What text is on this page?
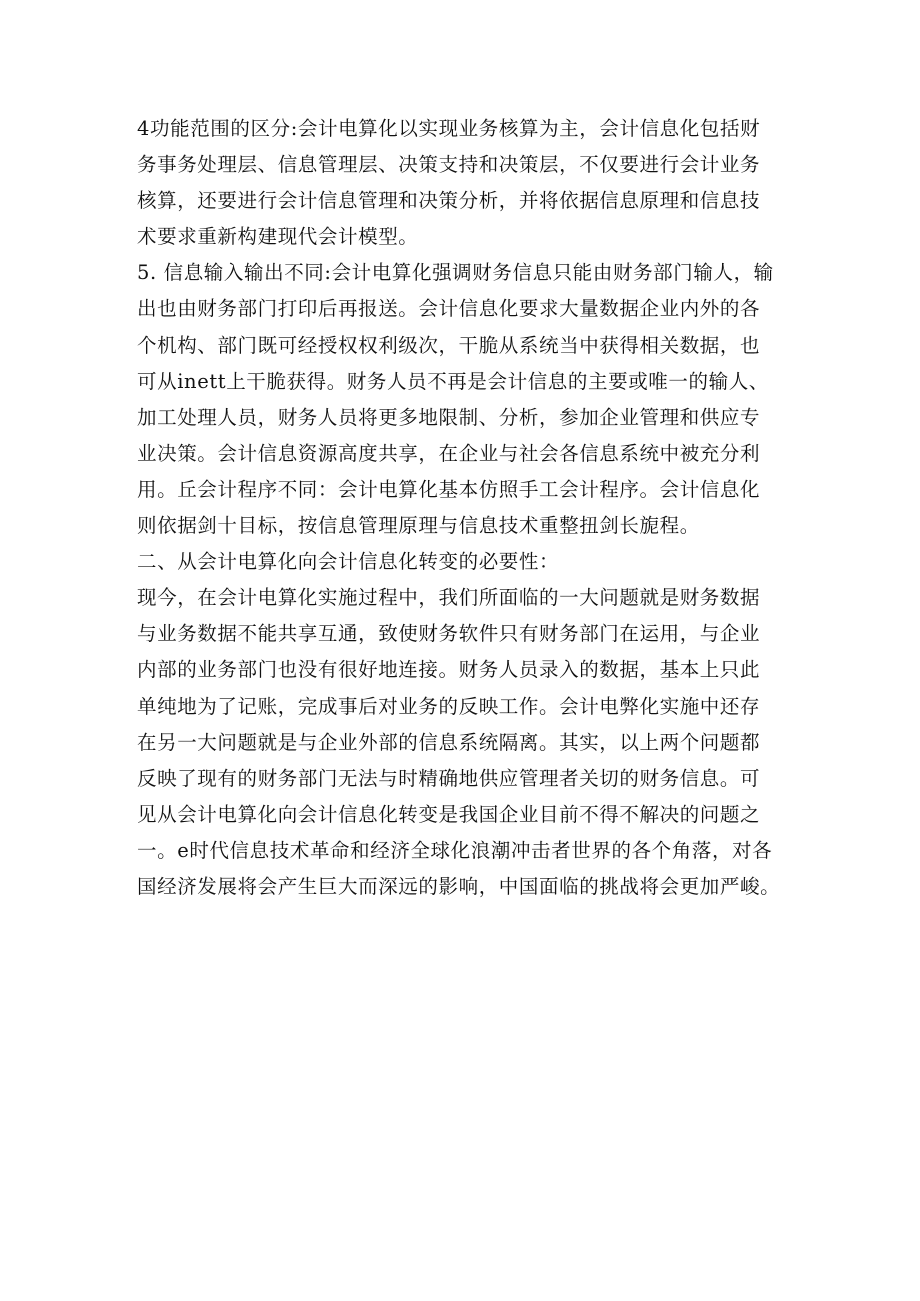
4功能范围的区分:会计电算化以实现业务核算为主，会计信息化包括财
务事务处理层、信息管理层、决策支持和决策层，不仅要进行会计业务
核算，还要进行会计信息管理和决策分析，并将依据信息原理和信息技
术要求重新构建现代会计模型。
5. 信息输入输出不同:会计电算化强调财务信息只能由财务部门输人，输
出也由财务部门打印后再报送。会计信息化要求大量数据企业内外的各
个机构、部门既可经授权权利级次，干脆从系统当中获得相关数据，也
可从inett上干脆获得。财务人员不再是会计信息的主要或唯一的输人、
加工处理人员，财务人员将更多地限制、分析，参加企业管理和供应专
业决策。会计信息资源高度共享，在企业与社会各信息系统中被充分利
用。丘会计程序不同：会计电算化基本仿照手工会计程序。会计信息化
则依据剑十目标，按信息管理原理与信息技术重整扭剑长旎程。
二、从会计电算化向会计信息化转变的必要性：
现今，在会计电算化实施过程中，我们所面临的一大问题就是财务数据
与业务数据不能共享互通，致使财务软件只有财务部门在运用，与企业
内部的业务部门也没有很好地连接。财务人员录入的数据，基本上只此
单纯地为了记账，完成事后对业务的反映工作。会计电弊化实施中还存
在另一大问题就是与企业外部的信息系统隔离。其实，以上两个问题都
反映了现有的财务部门无法与时精确地供应管理者关切的财务信息。可
见从会计电算化向会计信息化转变是我国企业目前不得不解决的问题之
一。e时代信息技术革命和经济全球化浪潮冲击者世界的各个角落，对各
国经济发展将会产生巨大而深远的影响，中国面临的挑战将会更加严峻。
